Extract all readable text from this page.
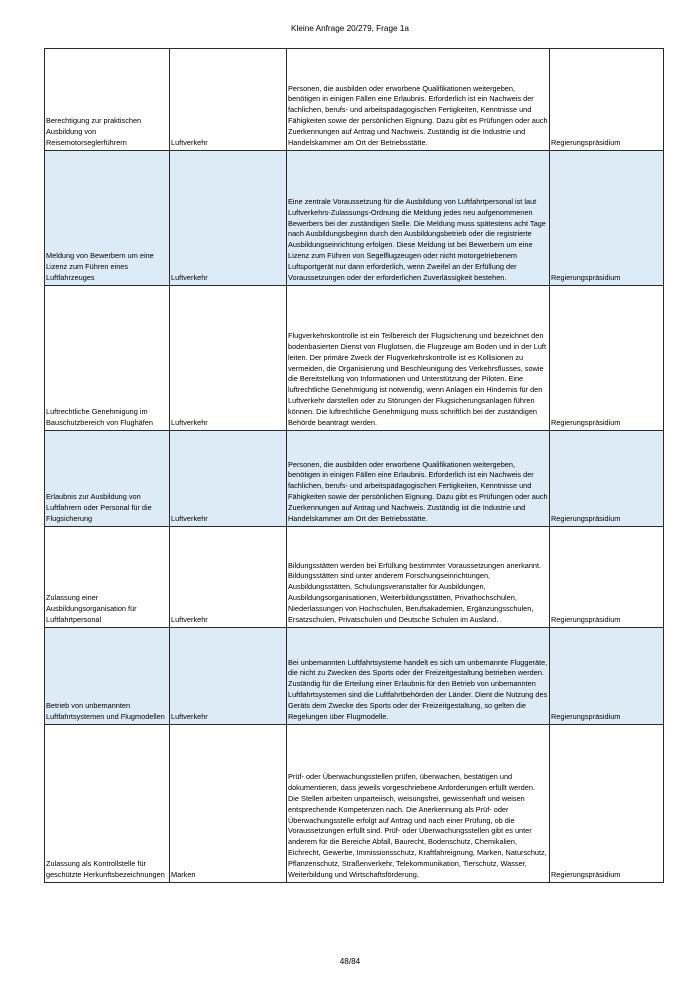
Kleine Anfrage 20/279, Frage 1a
Berechtigung zur praktischen Ausbildung von Reisemotorseglerführern	Luftverkehr	Personen, die ausbilden oder erworbene Qualifikationen weitergeben, benötigen in einigen Fällen eine Erlaubnis. Erforderlich ist ein Nachweis der fachlichen, berufs- und arbeitspädagogischen Fertigkeiten, Kenntnisse und Fähigkeiten sowie der persönlichen Eignung. Dazu gibt es Prüfungen oder auch Zuerkennungen auf Antrag und Nachweis. Zuständig ist die Industrie und Handelskammer am Ort der Betriebsstätte.	Regierungspräsidium
Meldung von Bewerbern um eine Lizenz zum Führen eines Luftfahrzeuges	Luftverkehr	Eine zentrale Voraussetzung für die Ausbildung von Luftfahrtpersonal ist laut Luftverkehrs-Zulassungs-Ordnung die Meldung jedes neu aufgenommenen Bewerbers bei der zuständigen Stelle. Die Meldung muss spätestens acht Tage nach Ausbildungsbeginn durch den Ausbildungsbetrieb oder die registrierte Ausbildungseinrichtung erfolgen. Diese Meldung ist bei Bewerbern um eine Lizenz zum Führen von Segelflugzeugen oder nicht motorgetriebenem Luftsportgerät nur dann erforderlich, wenn Zweifel an der Erfüllung der Voraussetzungen oder der erforderlichen Zuverlässigkeit bestehen.	Regierungspräsidium
Luftrechtliche Genehmigung im Bauschutzbereich von Flughäfen	Luftverkehr	Flugverkehrskontrolle ist ein Teilbereich der Flugsicherung und bezeichnet den bodenbasierten Dienst von Fluglotsen, die Flugzeuge am Boden und in der Luft leiten. Der primäre Zweck der Flugverkehrskontrolle ist es Kollisionen zu vermeiden, die Organisierung und Beschleunigung des Verkehrsflusses, sowie die Bereitstellung von Informationen und Unterstützung der Piloten. Eine luftrechtliche Genehmigung ist notwendig, wenn Anlagen ein Hindernis für den Luftverkehr darstellen oder zu Störungen der Flugsicherungsanlagen führen können. Die luftrechtliche Genehmigung muss schriftlich bei der zuständigen Behörde beantragt werden.	Regierungspräsidium
Erlaubnis zur Ausbildung von Luftfahrern oder Personal für die Flugsicherung	Luftverkehr	Personen, die ausbilden oder erworbene Qualifikationen weitergeben, benötigen in einigen Fällen eine Erlaubnis. Erforderlich ist ein Nachweis der fachlichen, berufs- und arbeitspädagogischen Fertigkeiten, Kenntnisse und Fähigkeiten sowie der persönlichen Eignung. Dazu gibt es Prüfungen oder auch Zuerkennungen auf Antrag und Nachweis. Zuständig ist die Industrie und Handelskammer am Ort der Betriebsstätte.	Regierungspräsidium
Zulassung einer Ausbildungsorganisation für Luftfahrtpersonal	Luftverkehr	Bildungsstätten werden bei Erfüllung bestimmter Voraussetzungen anerkannt. Bildungsstätten sind unter anderem Forschungseinrichtungen, Ausbildungsstätten, Schulungsveranstalter für Ausbildungen, Ausbildungsorganisationen, Weiterbildungsstätten, Privathochschulen, Niederlassungen von Hochschulen, Berufsakademien, Ergänzungsschulen, Ersatzschulen, Privatschulen und Deutsche Schulen im Ausland.	Regierungspräsidium
Betrieb von unbemannten Luftfahrtsystemen und Flugmodellen	Luftverkehr	Bei unbemannten Luftfahrtsysteme handelt es sich um unbemannte Fluggeräte, die nicht zu Zwecken des Sports oder der Freizeitgestaltung betrieben werden. Zuständig für die Erteilung einer Erlaubnis für den Betrieb von unbemannten Luftfahrtsystemen sind die Luftfahrtbehörden der Länder. Dient die Nutzung des Geräts dem Zwecke des Sports oder der Freizeitgestaltung, so gelten die Regelungen über Flugmodelle.	Regierungspräsidium
Zulassung als Kontrollstelle für geschützte Herkunftsbezeichnungen	Marken	Prüf- oder Überwachungsstellen prüfen, überwachen, bestätigen und dokumentieren, dass jeweils vorgeschriebene Anforderungen erfüllt werden. Die Stellen arbeiten unparteiisch, weisungsfrei, gewissenhaft und weisen entsprechende Kompetenzen nach. Die Anerkennung als Prüf- oder Überwachungsstelle erfolgt auf Antrag und nach einer Prüfung, ob die Voraussetzungen erfüllt sind. Prüf- oder Überwachungsstellen gibt es unter anderem für die Bereiche Abfall, Baurecht, Bodenschutz, Chemikalien, Eichrecht, Gewerbe, Immissionsschutz, Kraftfahreignung, Marken, Naturschutz, Pflanzenschutz, Straßenverkehr, Telekommunikation, Tierschutz, Wasser, Weiterbildung und Wirtschaftsförderung.	Regierungspräsidium
48/84
